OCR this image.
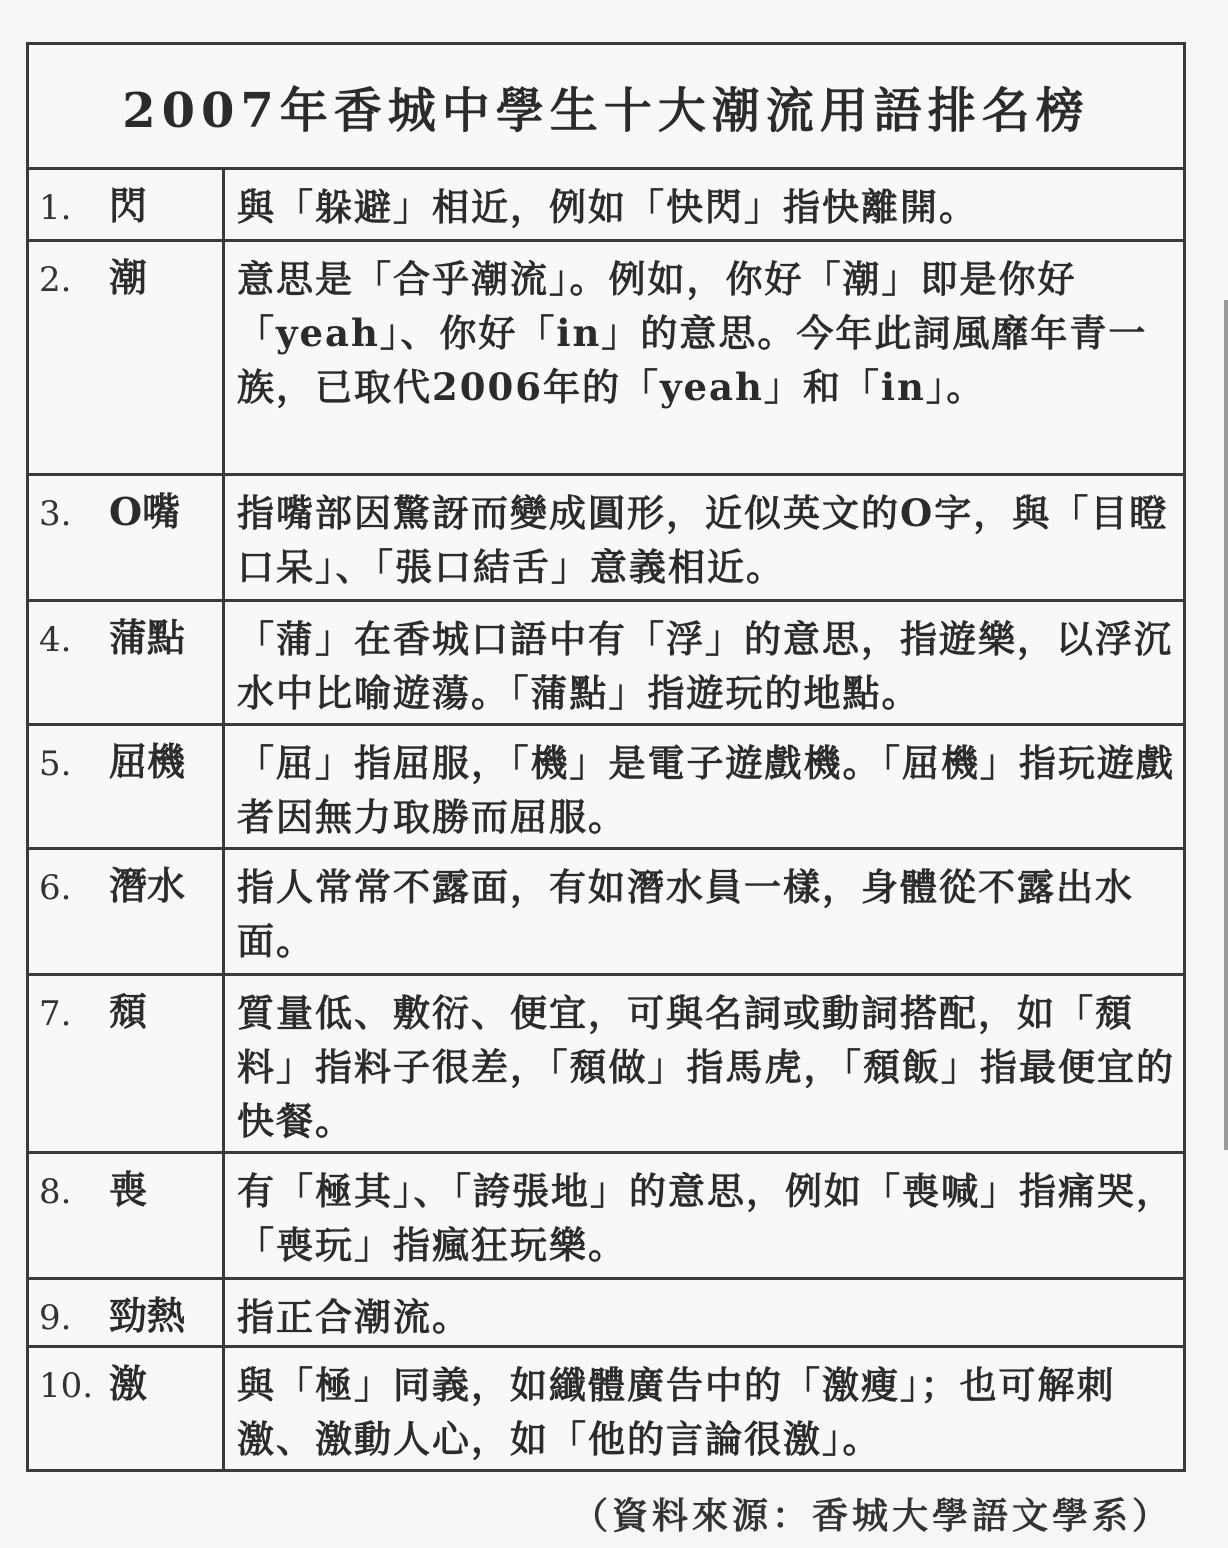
2007年香城中學生十大潮流用語排名榜
1. 閃	與「躲避」相近，例如「快閃」指快離開。
2. 潮	意思是「合乎潮流」。例如，你好「潮」即是你好「yeah」、你好「in」的意思。今年此詞風靡年青一族，已取代2006年的「yeah」和「in」。
3. O嘴	指嘴部因驚訝而變成圓形，近似英文的O字，與「目瞪口呆」、「張口結舌」意義相近。
4. 蒲點	「蒲」在香城口語中有「浮」的意思，指遊樂，以浮沉水中比喻遊蕩。「蒲點」指遊玩的地點。
5. 屈機	「屈」指屈服，「機」是電子遊戲機。「屈機」指玩遊戲者因無力取勝而屈服。
6. 潛水	指人常常不露面，有如潛水員一樣，身體從不露出水面。
7. 頹	質量低、敷衍、便宜，可與名詞或動詞搭配，如「頹料」指料子很差，「頹做」指馬虎，「頹飯」指最便宜的快餐。
8. 喪	有「極其」、「誇張地」的意思，例如「喪喊」指痛哭，「喪玩」指瘋狂玩樂。
9. 勁熱	指正合潮流。
10. 激	與「極」同義，如纖體廣告中的「激瘦」；也可解刺激、激動人心，如「他的言論很激」。
（資料來源：香城大學語文學系）
